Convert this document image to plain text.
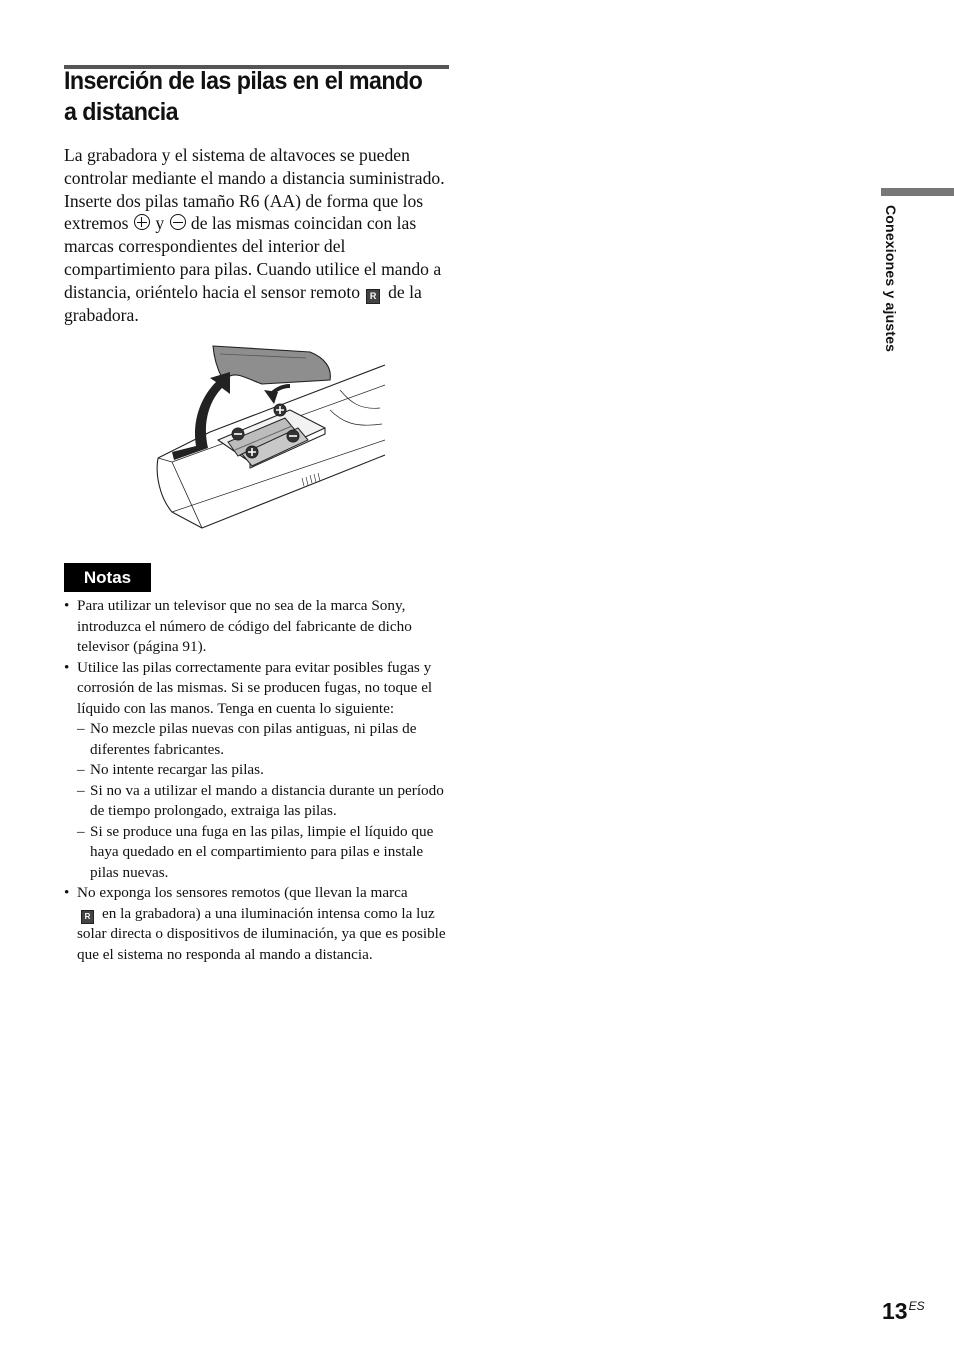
Inserción de las pilas en el mando a distancia

La grabadora y el sistema de altavoces se pueden controlar mediante el mando a distancia suministrado. Inserte dos pilas tamaño R6 (AA) de forma que los extremos y de las mismas coincidan con las marcas correspondientes del interior del compartimiento para pilas. Cuando utilice el mando a distancia, oriéntelo hacia el sensor remoto R de la grabadora.

Notas
• Para utilizar un televisor que no sea de la marca Sony, introduzca el número de código del fabricante de dicho televisor (página 91).
• Utilice las pilas correctamente para evitar posibles fugas y corrosión de las mismas. Si se producen fugas, no toque el líquido con las manos. Tenga en cuenta lo siguiente:
– No mezcle pilas nuevas con pilas antiguas, ni pilas de diferentes fabricantes.
– No intente recargar las pilas.
– Si no va a utilizar el mando a distancia durante un período de tiempo prolongado, extraiga las pilas.
– Si se produce una fuga en las pilas, limpie el líquido que haya quedado en el compartimiento para pilas e instale pilas nuevas.
• No exponga los sensores remotos (que llevan la marca
R en la grabadora) a una iluminación intensa como la luz solar directa o dispositivos de iluminación, ya que es posible que el sistema no responda al mando a distancia.
Conexiones y ajustes
$13^{ES}$
